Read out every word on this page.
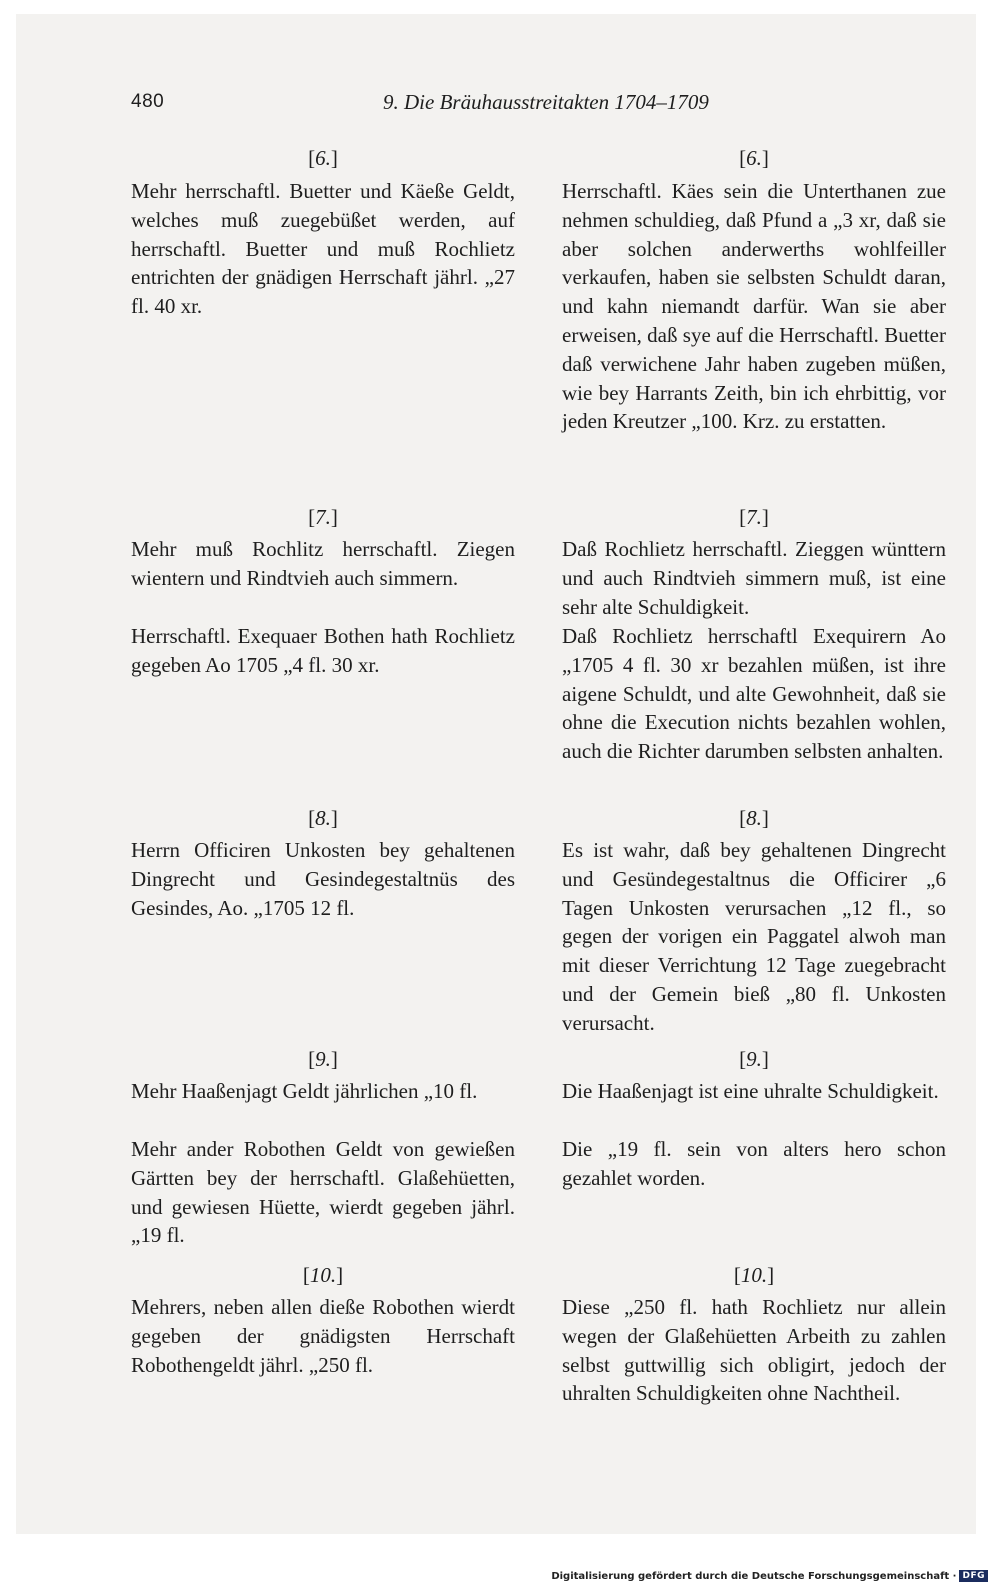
480	9. Die Bräuhausstreitakten 1704–1709
[6.]

Mehr herrschaftl. Buetter und Käeße Geldt, welches muß zuegebüßet werden, auf herrschaftl. Buetter und muß Rochlietz entrichten der gnädigen Herrschaft jährl. „27 fl. 40 xr.

[7.]

Mehr muß Rochlitz herrschaftl. Ziegen wientern und Rindtvieh auch simmern.

Herrschaftl. Exequaer Bothen hath Rochlietz gegeben Ao 1705 „4 fl. 30 xr.

[8.]

Herrn Officiren Unkosten bey gehaltenen Dingrecht und Gesindegestaltnüs des Gesindes, Ao. „1705 12 fl.

[9.]

Mehr Haaßenjagt Geldt jährlichen „10 fl.

Mehr ander Robothen Geldt von gewießen Gärtten bey der herrschaftl. Glaßehüetten, und gewiesen Hüette, wierdt gegeben jährl. „19 fl.

[10.]

Mehrers, neben allen dieße Robothen wierdt gegeben der gnädigsten Herrschaft Robothengeldt jährl. „250 fl.

[6.]

Herrschaftl. Käes sein die Unterthanen zue nehmen schuldieg, daß Pfund a „3 xr, daß sie aber solchen anderwerths wohlfeiller verkaufen, haben sie selbsten Schuldt daran, und kahn niemandt darfür. Wan sie aber erweisen, daß sye auf die Herrschaftl. Buetter daß verwichene Jahr haben zugeben müßen, wie bey Harrants Zeith, bin ich ehrbittig, vor jeden Kreutzer „100. Krz. zu erstatten.

[7.]

Daß Rochlietz herrschaftl. Zieggen wünttern und auch Rindtvieh simmern muß, ist eine sehr alte Schuldigkeit.

Daß Rochlietz herrschaftl Exequirern Ao „1705 4 fl. 30 xr bezahlen müßen, ist ihre aigene Schuldt, und alte Gewohnheit, daß sie ohne die Execution nichts bezahlen wohlen, auch die Richter darumben selbsten anhalten.

[8.]

Es ist wahr, daß bey gehaltenen Dingrecht und Gesündegestaltnus die Officirer „6 Tagen Unkosten verursachen „12 fl., so gegen der vorigen ein Paggatel alwoh man mit dieser Verrichtung 12 Tage zuegebracht und der Gemein bieß „80 fl. Unkosten verursacht.

[9.]

Die Haaßenjagt ist eine uhralte Schuldigkeit.

Die „19 fl. sein von alters hero schon gezahlet worden.

[10.]

Diese „250 fl. hath Rochlietz nur allein wegen der Glaßehüetten Arbeith zu zahlen selbst guttwillig sich obligirt, jedoch der uhralten Schuldigkeiten ohne Nachtheil.

Digitalisierung gefördert durch die Deutsche Forschungsgemeinschaft · DFG
